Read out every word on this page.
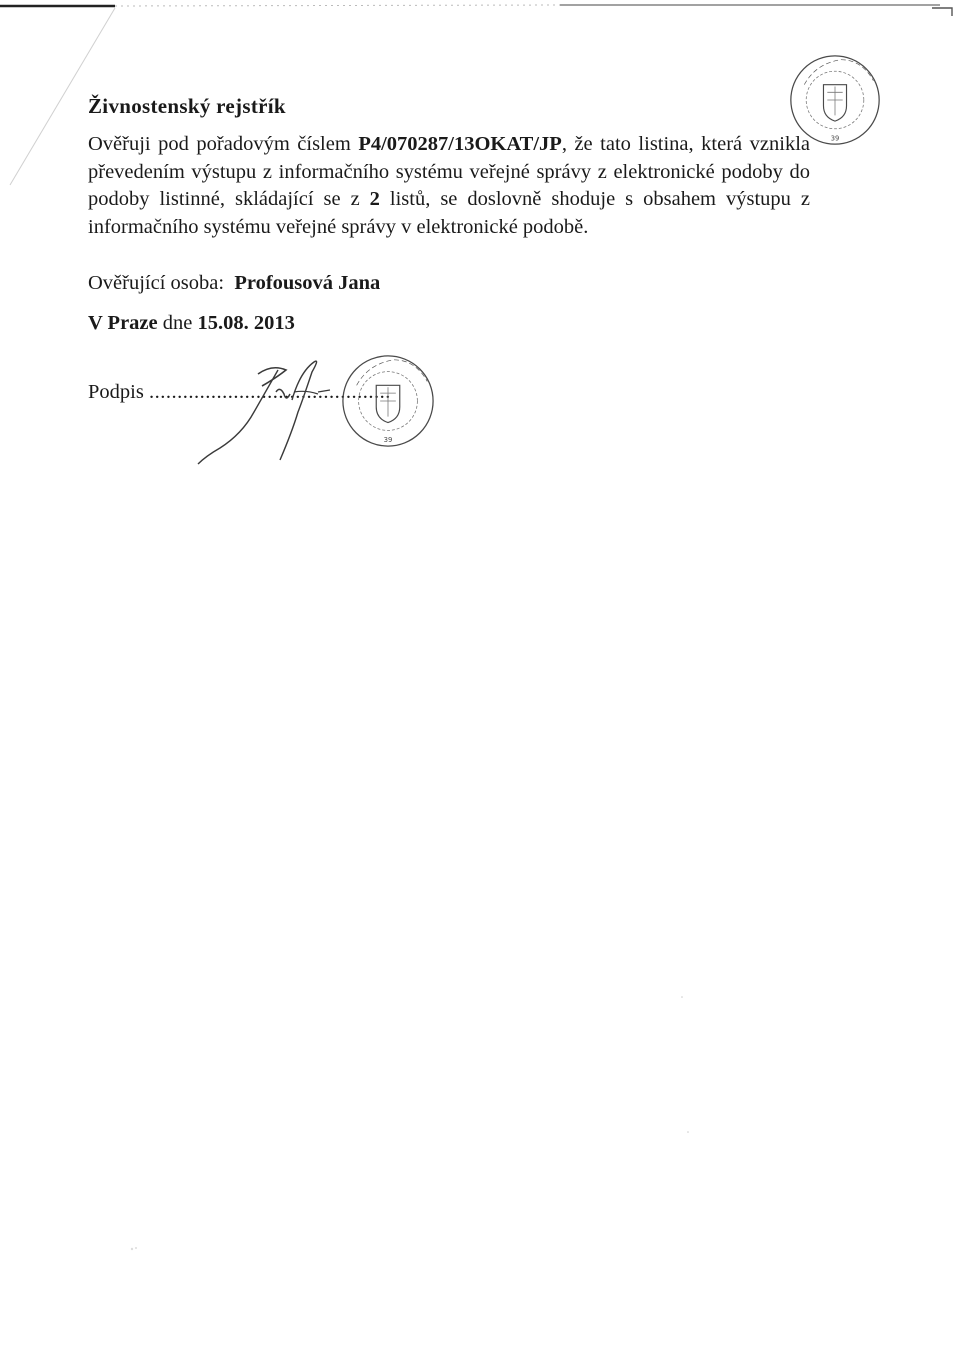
Živnostenský rejstřík

Ověřuji pod pořadovým číslem P4/070287/13OKAT/JP, že tato listina, která vznikla převedením výstupu z informačního systému veřejné správy z elektronické podoby do podoby listinné, skládající se z 2 listů, se doslovně shoduje s obsahem výstupu z informačního systému veřejné správy v elektronické podobě.

Ověřující osoba: Profousová Jana

V Praze dne 15.08. 2013

Podpis ...........................................

39
39
